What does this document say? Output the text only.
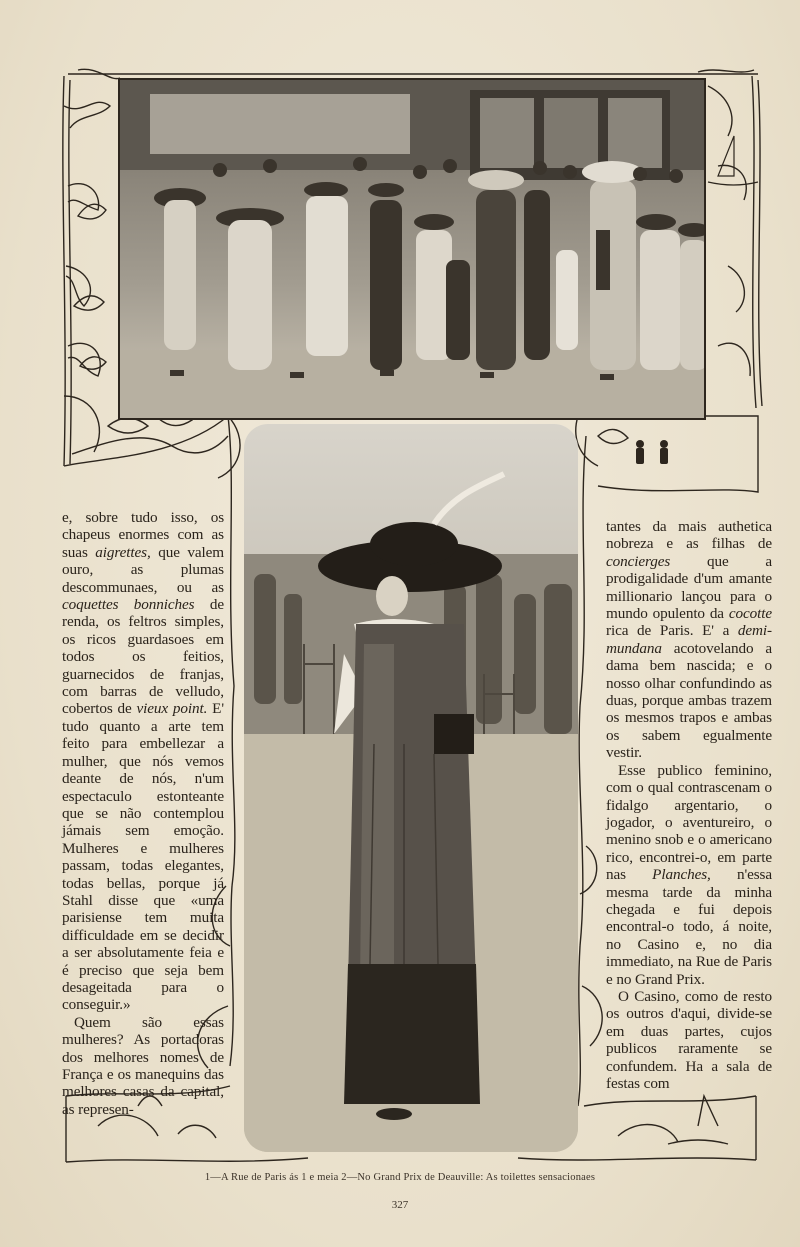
e, sobre tudo isso, os chapeus enormes com as suas aigrettes, que valem ouro, as plumas descommunaes, ou as coquettes bonniches de renda, os feltros simples, os ricos guardasoes em todos os feitios, guarnecidos de franjas, com barras de velludo, cobertos de vieux point. E' tudo quanto a arte tem feito para embellezar a mulher, que nós vemos deante de nós, n'um espectaculo estonteante que se não contemplou jámais sem emoção. Mulheres e mulheres passam, todas elegantes, todas bellas, porque já Stahl disse que «uma parisiense tem muita difficuldade em se decidir a ser absolutamente feia e é preciso que seja bem desageitada para o conseguir.»

Quem são essas mulheres? As portadoras dos melhores nomes de França e os manequins das melhores casas da capital, as represen-

tantes da mais authetica nobreza e as filhas de concierges que a prodigalidade d'um amante millionario lançou para o mundo opulento da cocotte rica de Paris. E' a demi-mundana acotovelando a dama bem nascida; e o nosso olhar confundindo as duas, porque ambas trazem os mesmos trapos e ambas os sabem egualmente vestir.

Esse publico feminino, com o qual contrascenam o fidalgo argentario, o jogador, o aventureiro, o menino snob e o americano rico, encontrei-o, em parte nas Planches, n'essa mesma tarde da minha chegada e fui depois encontral-o todo, á noite, no Casino e, no dia immediato, na Rue de Paris e no Grand Prix.

O Casino, como de resto os outros d'aqui, divide-se em duas partes, cujos publicos raramente se confundem. Ha a sala de festas com

1—A Rue de Paris ás 1 e meia 2—No Grand Prix de Deauville: As toilettes sensacionaes
327
